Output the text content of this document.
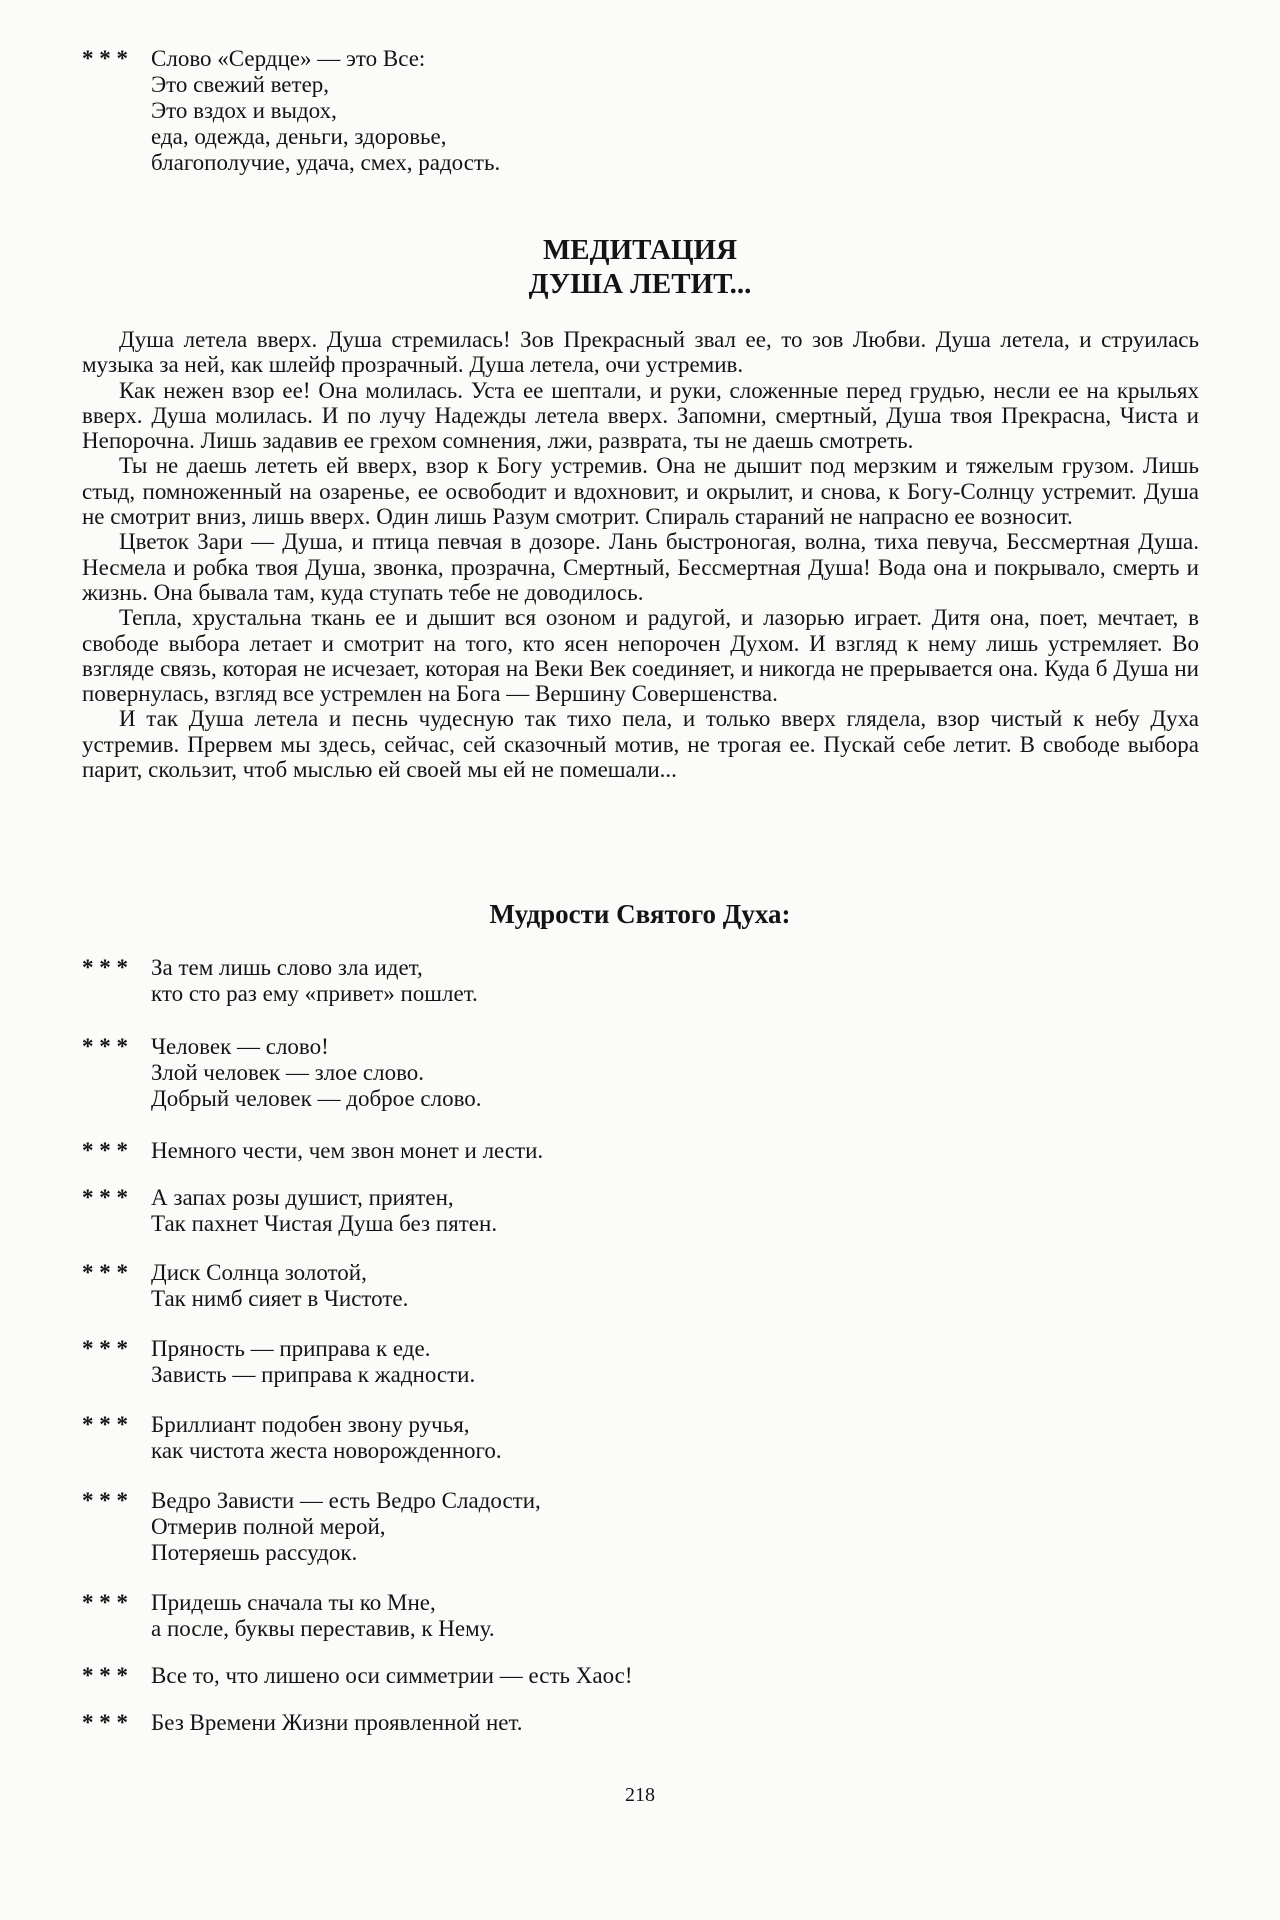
* * * Слово «Сердце» — это Все:
Это свежий ветер,
Это вздох и выдох,
еда, одежда, деньги, здоровье,
благополучие, удача, смех, радость.
МЕДИТАЦИЯ
ДУША ЛЕТИТ...

Душа летела вверх. Душа стремилась! Зов Прекрасный звал ее, то зов Любви. Душа летела, и струилась музыка за ней, как шлейф прозрачный. Душа летела, очи устремив.

Как нежен взор ее! Она молилась. Уста ее шептали, и руки, сложенные перед грудью, несли ее на крыльях вверх. Душа молилась. И по лучу Надежды летела вверх. Запомни, смертный, Душа твоя Прекрасна, Чиста и Непорочна. Лишь задавив ее грехом сомнения, лжи, разврата, ты не даешь смотреть.

Ты не даешь лететь ей вверх, взор к Богу устремив. Она не дышит под мерзким и тяжелым грузом. Лишь стыд, помноженный на озаренье, ее освободит и вдохновит, и окрылит, и снова, к Богу-Солнцу устремит. Душа не смотрит вниз, лишь вверх. Один лишь Разум смотрит. Спираль стараний не напрасно ее возносит.

Цветок Зари — Душа, и птица певчая в дозоре. Лань быстроногая, волна, тиха певуча, Бессмертная Душа. Несмела и робка твоя Душа, звонка, прозрачна, Смертный, Бессмертная Душа! Вода она и покрывало, смерть и жизнь. Она бывала там, куда ступать тебе не доводилось.

Тепла, хрустальна ткань ее и дышит вся озоном и радугой, и лазорью играет. Дитя она, поет, мечтает, в свободе выбора летает и смотрит на того, кто ясен непорочен Духом. И взгляд к нему лишь устремляет. Во взгляде связь, которая не исчезает, которая на Веки Век соединяет, и никогда не прерывается она. Куда б Душа ни повернулась, взгляд все устремлен на Бога — Вершину Совершенства.

И так Душа летела и песнь чудесную так тихо пела, и только вверх глядела, взор чистый к небу Духа устремив. Прервем мы здесь, сейчас, сей сказочный мотив, не трогая ее. Пускай себе летит. В свободе выбора парит, скользит, чтоб мыслью ей своей мы ей не помешали...

Мудрости Святого Духа:
* * * За тем лишь слово зла идет,
кто сто раз ему «привет» пошлет.
* * * Человек — слово!
Злой человек — злое слово.
Добрый человек — доброе слово.
* * * Немного чести, чем звон монет и лести.
* * * А запах розы душист, приятен,
Так пахнет Чистая Душа без пятен.
* * * Диск Солнца золотой,
Так нимб сияет в Чистоте.
* * * Пряность — приправа к еде.
Зависть — приправа к жадности.
* * * Бриллиант подобен звону ручья,
как чистота жеста новорожденного.
* * * Ведро Зависти — есть Ведро Сладости,
Отмерив полной мерой,
Потеряешь рассудок.
* * * Придешь сначала ты ко Мне,
а после, буквы переставив, к Нему.
* * * Все то, что лишено оси симметрии — есть Хаос!
* * * Без Времени Жизни проявленной нет.
218
